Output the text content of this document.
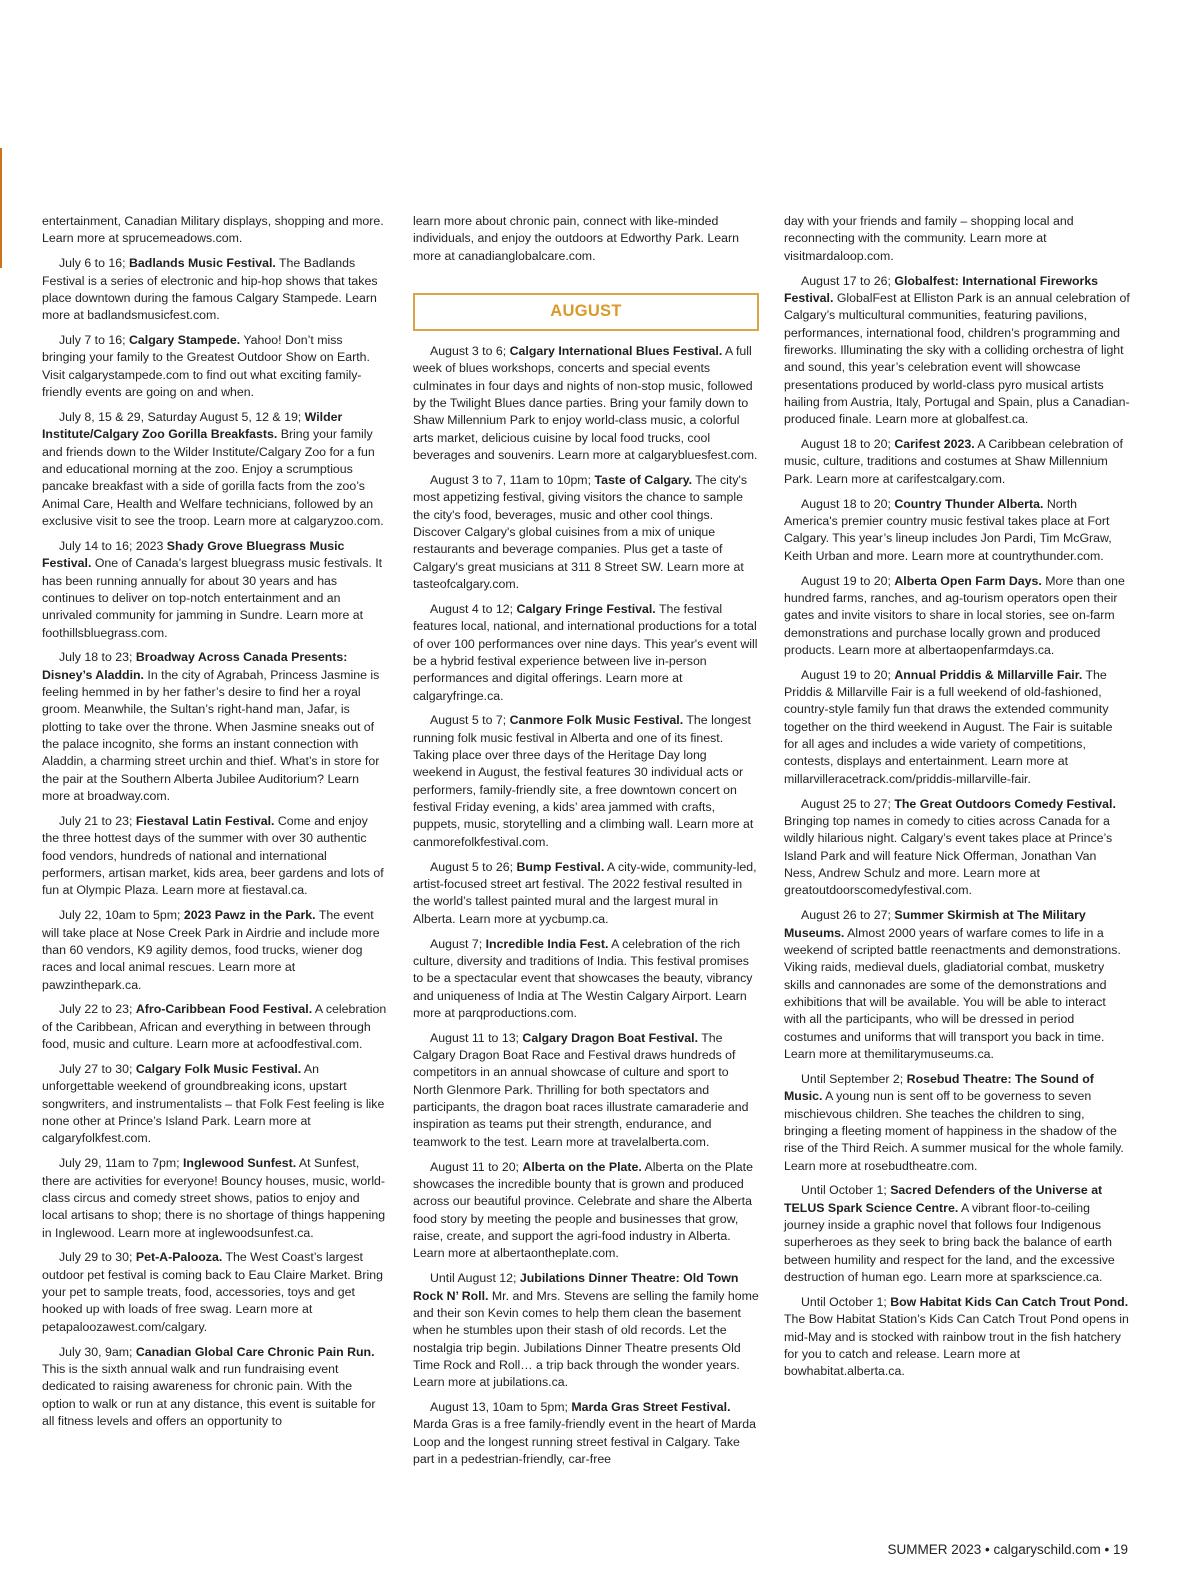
entertainment, Canadian Military displays, shopping and more. Learn more at sprucemeadows.com.

July 6 to 16; Badlands Music Festival. The Badlands Festival is a series of electronic and hip-hop shows that takes place downtown during the famous Calgary Stampede. Learn more at badlandsmusicfest.com.

July 7 to 16; Calgary Stampede. Yahoo! Don’t miss bringing your family to the Greatest Outdoor Show on Earth. Visit calgarystampede.com to find out what exciting family-friendly events are going on and when.

July 8, 15 & 29, Saturday August 5, 12 & 19; Wilder Institute/Calgary Zoo Gorilla Breakfasts. Bring your family and friends down to the Wilder Institute/Calgary Zoo for a fun and educational morning at the zoo. Enjoy a scrumptious pancake breakfast with a side of gorilla facts from the zoo’s Animal Care, Health and Welfare technicians, followed by an exclusive visit to see the troop. Learn more at calgaryzoo.com.

July 14 to 16; 2023 Shady Grove Bluegrass Music Festival. One of Canada’s largest bluegrass music festivals. It has been running annually for about 30 years and has continues to deliver on top-notch entertainment and an unrivaled community for jamming in Sundre. Learn more at foothillsbluegrass.com.

July 18 to 23; Broadway Across Canada Presents: Disney’s Aladdin. In the city of Agrabah, Princess Jasmine is feeling hemmed in by her father’s desire to find her a royal groom. Meanwhile, the Sultan’s right-hand man, Jafar, is plotting to take over the throne. When Jasmine sneaks out of the palace incognito, she forms an instant connection with Aladdin, a charming street urchin and thief. What’s in store for the pair at the Southern Alberta Jubilee Auditorium? Learn more at broadway.com.

July 21 to 23; Fiestaval Latin Festival. Come and enjoy the three hottest days of the summer with over 30 authentic food vendors, hundreds of national and international performers, artisan market, kids area, beer gardens and lots of fun at Olympic Plaza. Learn more at fiestaval.ca.

July 22, 10am to 5pm; 2023 Pawz in the Park. The event will take place at Nose Creek Park in Airdrie and include more than 60 vendors, K9 agility demos, food trucks, wiener dog races and local animal rescues. Learn more at pawzinthepark.ca.

July 22 to 23; Afro-Caribbean Food Festival. A celebration of the Caribbean, African and everything in between through food, music and culture. Learn more at acfoodfestival.com.

July 27 to 30; Calgary Folk Music Festival. An unforgettable weekend of groundbreaking icons, upstart songwriters, and instrumentalists – that Folk Fest feeling is like none other at Prince’s Island Park. Learn more at calgaryfolkfest.com.

July 29, 11am to 7pm; Inglewood Sunfest. At Sunfest, there are activities for everyone! Bouncy houses, music, world-class circus and comedy street shows, patios to enjoy and local artisans to shop; there is no shortage of things happening in Inglewood. Learn more at inglewoodsunfest.ca.

July 29 to 30; Pet-A-Palooza. The West Coast’s largest outdoor pet festival is coming back to Eau Claire Market. Bring your pet to sample treats, food, accessories, toys and get hooked up with loads of free swag. Learn more at petapaloozawest.com/calgary.

July 30, 9am; Canadian Global Care Chronic Pain Run. This is the sixth annual walk and run fundraising event dedicated to raising awareness for chronic pain. With the option to walk or run at any distance, this event is suitable for all fitness levels and offers an opportunity to

learn more about chronic pain, connect with like-minded individuals, and enjoy the outdoors at Edworthy Park. Learn more at canadianglobalcare.com.

AUGUST

August 3 to 6; Calgary International Blues Festival. A full week of blues workshops, concerts and special events culminates in four days and nights of non-stop music, followed by the Twilight Blues dance parties. Bring your family down to Shaw Millennium Park to enjoy world-class music, a colorful arts market, delicious cuisine by local food trucks, cool beverages and souvenirs. Learn more at calgarybluesfest.com.

August 3 to 7, 11am to 10pm; Taste of Calgary. The city's most appetizing festival, giving visitors the chance to sample the city's food, beverages, music and other cool things. Discover Calgary's global cuisines from a mix of unique restaurants and beverage companies. Plus get a taste of Calgary's great musicians at 311 8 Street SW. Learn more at tasteofcalgary.com.

August 4 to 12; Calgary Fringe Festival. The festival features local, national, and international productions for a total of over 100 performances over nine days. This year's event will be a hybrid festival experience between live in-person performances and digital offerings. Learn more at calgaryfringe.ca.

August 5 to 7; Canmore Folk Music Festival. The longest running folk music festival in Alberta and one of its finest. Taking place over three days of the Heritage Day long weekend in August, the festival features 30 individual acts or performers, family-friendly site, a free downtown concert on festival Friday evening, a kids’ area jammed with crafts, puppets, music, storytelling and a climbing wall. Learn more at canmorefolkfestival.com.

August 5 to 26; Bump Festival. A city-wide, community-led, artist-focused street art festival. The 2022 festival resulted in the world’s tallest painted mural and the largest mural in Alberta. Learn more at yycbump.ca.

August 7; Incredible India Fest. A celebration of the rich culture, diversity and traditions of India. This festival promises to be a spectacular event that showcases the beauty, vibrancy and uniqueness of India at The Westin Calgary Airport. Learn more at parqproductions.com.

August 11 to 13; Calgary Dragon Boat Festival. The Calgary Dragon Boat Race and Festival draws hundreds of competitors in an annual showcase of culture and sport to North Glenmore Park. Thrilling for both spectators and participants, the dragon boat races illustrate camaraderie and inspiration as teams put their strength, endurance, and teamwork to the test. Learn more at travelalberta.com.

August 11 to 20; Alberta on the Plate. Alberta on the Plate showcases the incredible bounty that is grown and produced across our beautiful province. Celebrate and share the Alberta food story by meeting the people and businesses that grow, raise, create, and support the agri-food industry in Alberta. Learn more at albertaontheplate.com.

Until August 12; Jubilations Dinner Theatre: Old Town Rock N’ Roll. Mr. and Mrs. Stevens are selling the family home and their son Kevin comes to help them clean the basement when he stumbles upon their stash of old records. Let the nostalgia trip begin. Jubilations Dinner Theatre presents Old Time Rock and Roll… a trip back through the wonder years. Learn more at jubilations.ca.

August 13, 10am to 5pm; Marda Gras Street Festival. Marda Gras is a free family-friendly event in the heart of Marda Loop and the longest running street festival in Calgary. Take part in a pedestrian-friendly, car-free

day with your friends and family – shopping local and reconnecting with the community. Learn more at visitmardaloop.com.

August 17 to 26; Globalfest: International Fireworks Festival. GlobalFest at Elliston Park is an annual celebration of Calgary’s multicultural communities, featuring pavilions, performances, international food, children’s programming and fireworks. Illuminating the sky with a colliding orchestra of light and sound, this year’s celebration event will showcase presentations produced by world-class pyro musical artists hailing from Austria, Italy, Portugal and Spain, plus a Canadian-produced finale. Learn more at globalfest.ca.

August 18 to 20; Carifest 2023. A Caribbean celebration of music, culture, traditions and costumes at Shaw Millennium Park. Learn more at carifestcalgary.com.

August 18 to 20; Country Thunder Alberta. North America's premier country music festival takes place at Fort Calgary. This year’s lineup includes Jon Pardi, Tim McGraw, Keith Urban and more. Learn more at countrythunder.com.

August 19 to 20; Alberta Open Farm Days. More than one hundred farms, ranches, and ag-tourism operators open their gates and invite visitors to share in local stories, see on-farm demonstrations and purchase locally grown and produced products. Learn more at albertaopenfarmdays.ca.

August 19 to 20; Annual Priddis & Millarville Fair. The Priddis & Millarville Fair is a full weekend of old-fashioned, country-style family fun that draws the extended community together on the third weekend in August. The Fair is suitable for all ages and includes a wide variety of competitions, contests, displays and entertainment. Learn more at millarvilleracetrack.com/priddis-millarville-fair.

August 25 to 27; The Great Outdoors Comedy Festival. Bringing top names in comedy to cities across Canada for a wildly hilarious night. Calgary’s event takes place at Prince’s Island Park and will feature Nick Offerman, Jonathan Van Ness, Andrew Schulz and more. Learn more at greatoutdoorscomedyfestival.com.

August 26 to 27; Summer Skirmish at The Military Museums. Almost 2000 years of warfare comes to life in a weekend of scripted battle reenactments and demonstrations. Viking raids, medieval duels, gladiatorial combat, musketry skills and cannonades are some of the demonstrations and exhibitions that will be available. You will be able to interact with all the participants, who will be dressed in period costumes and uniforms that will transport you back in time. Learn more at themilitarymuseums.ca.

Until September 2; Rosebud Theatre: The Sound of Music. A young nun is sent off to be governess to seven mischievous children. She teaches the children to sing, bringing a fleeting moment of happiness in the shadow of the rise of the Third Reich. A summer musical for the whole family. Learn more at rosebudtheatre.com.

Until October 1; Sacred Defenders of the Universe at TELUS Spark Science Centre. A vibrant floor-to-ceiling journey inside a graphic novel that follows four Indigenous superheroes as they seek to bring back the balance of earth between humility and respect for the land, and the excessive destruction of human ego. Learn more at sparkscience.ca.

Until October 1; Bow Habitat Kids Can Catch Trout Pond. The Bow Habitat Station’s Kids Can Catch Trout Pond opens in mid-May and is stocked with rainbow trout in the fish hatchery for you to catch and release. Learn more at bowhabitat.alberta.ca.

SUMMER 2023 • calgaryschild.com • 19
